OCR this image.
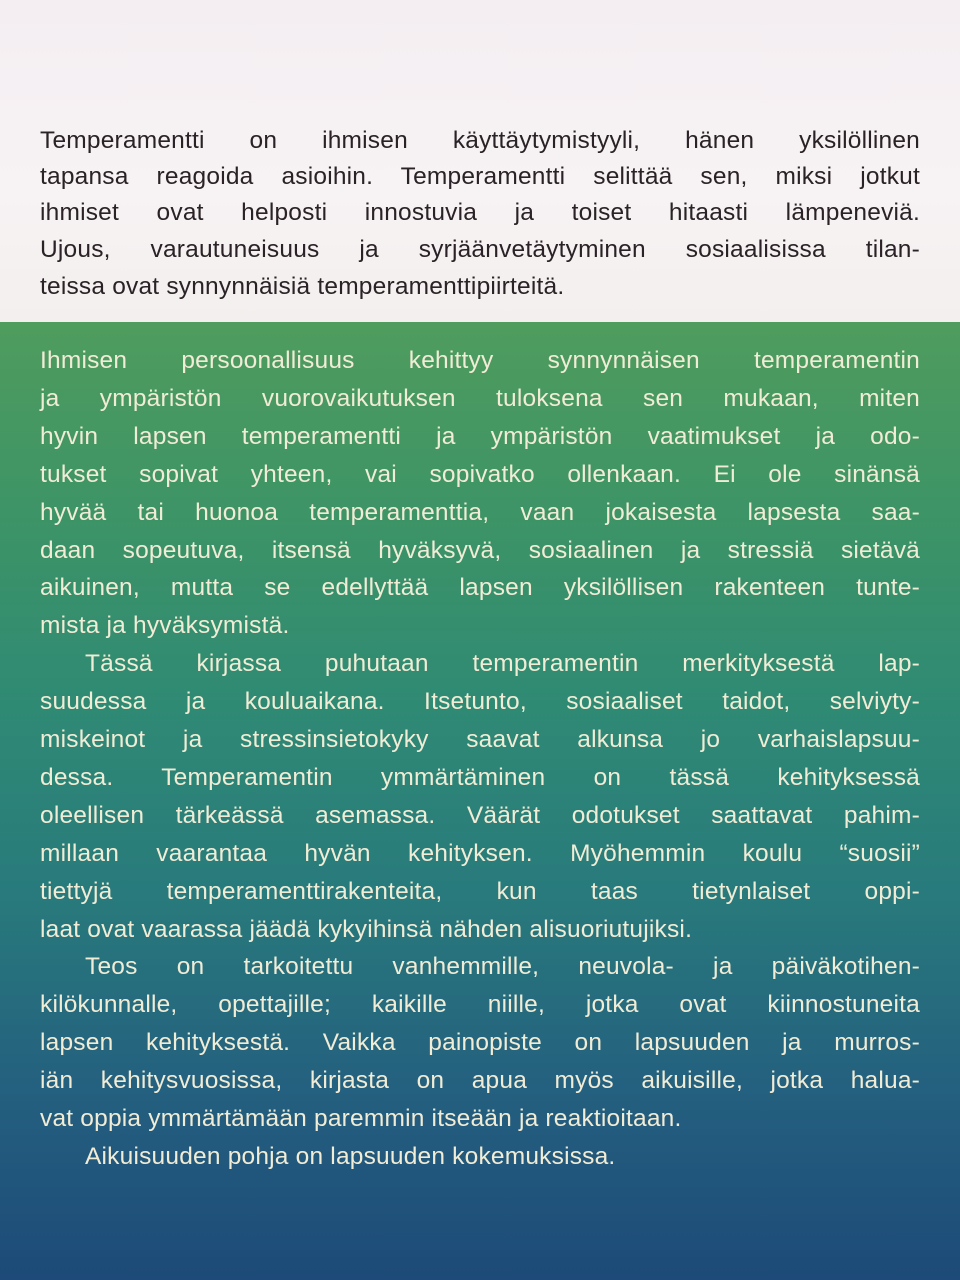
Temperamentti on ihmisen käyttäytymistyyli, hänen yksilöllinen
tapansa reagoida asioihin. Temperamentti selittää sen, miksi jotkut
ihmiset ovat helposti innostuvia ja toiset hitaasti lämpeneviä.
Ujous, varautuneisuus ja syrjäänvetäytyminen sosiaalisissa tilan-
teissa ovat synnynnäisiä temperamenttipiirteitä.
Ihmisen persoonallisuus kehittyy synnynnäisen temperamentin
ja ympäristön vuorovaikutuksen tuloksena sen mukaan, miten
hyvin lapsen temperamentti ja ympäristön vaatimukset ja odo-
tukset sopivat yhteen, vai sopivatko ollenkaan. Ei ole sinänsä
hyvää tai huonoa temperamenttia, vaan jokaisesta lapsesta saa-
daan sopeutuva, itsensä hyväksyvä, sosiaalinen ja stressiä sietävä
aikuinen, mutta se edellyttää lapsen yksilöllisen rakenteen tunte-
mista ja hyväksymistä.
Tässä kirjassa puhutaan temperamentin merkityksestä lap-
suudessa ja kouluaikana. Itsetunto, sosiaaliset taidot, selviyty-
miskeinot ja stressinsietokyky saavat alkunsa jo varhaislapsuu-
dessa. Temperamentin ymmärtäminen on tässä kehityksessä
oleellisen tärkeässä asemassa. Väärät odotukset saattavat pahim-
millaan vaarantaa hyvän kehityksen. Myöhemmin koulu “suosii”
tiettyjä temperamenttirakenteita, kun taas tietynlaiset oppi-
laat ovat vaarassa jäädä kykyihinsä nähden alisuoriutujiksi.
Teos on tarkoitettu vanhemmille, neuvola- ja päiväkotihen-
kilökunnalle, opettajille; kaikille niille, jotka ovat kiinnostuneita
lapsen kehityksestä. Vaikka painopiste on lapsuuden ja murros-
iän kehitysvuosissa, kirjasta on apua myös aikuisille, jotka halua-
vat oppia ymmärtämään paremmin itseään ja reaktioitaan.
Aikuisuuden pohja on lapsuuden kokemuksissa.
